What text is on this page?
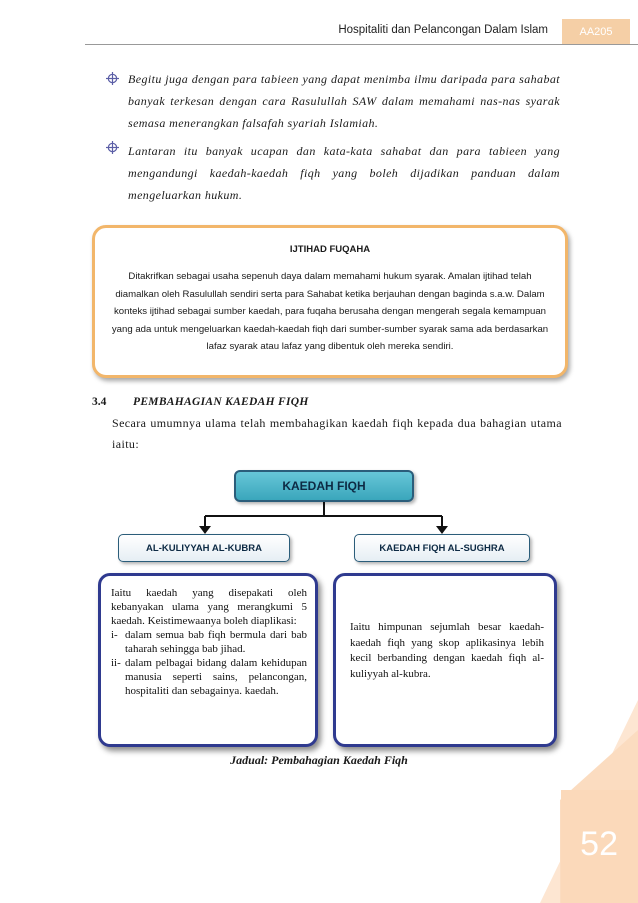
Hospitaliti dan Pelancongan Dalam Islam	AA205
Begitu juga dengan para tabieen yang dapat menimba ilmu daripada para sahabat banyak terkesan dengan cara Rasulullah SAW dalam memahami nas-nas syarak semasa menerangkan falsafah syariah Islamiah.
Lantaran itu banyak ucapan dan kata-kata sahabat dan para tabieen yang mengandungi kaedah-kaedah fiqh yang boleh dijadikan panduan dalam mengeluarkan hukum.
IJTIHAD FUQAHA
Ditakrifkan sebagai usaha sepenuh daya dalam memahami hukum syarak. Amalan ijtihad telah diamalkan oleh Rasulullah sendiri serta para Sahabat ketika berjauhan dengan baginda s.a.w. Dalam konteks ijtihad sebagai sumber kaedah, para fuqaha berusaha dengan mengerah segala kemampuan yang ada untuk mengeluarkan kaedah-kaedah fiqh dari sumber-sumber syarak sama ada berdasarkan lafaz syarak atau lafaz yang dibentuk oleh mereka sendiri.
3.4 PEMBAHAGIAN KAEDAH FIQH
Secara umumnya ulama telah membahagikan kaedah fiqh kepada dua bahagian utama iaitu:
KAEDAH FIQH
AL-KULIYYAH AL-KUBRA	KAEDAH FIQH AL-SUGHRA
Iaitu kaedah yang disepakati oleh kebanyakan ulama yang merangkumi 5 kaedah. Keistimewaanya boleh diaplikasi:
i- dalam semua bab fiqh bermula dari bab taharah sehingga bab jihad.
ii- dalam pelbagai bidang dalam kehidupan manusia seperti sains, pelancongan, hospitaliti dan sebagainya. kaedah.
Iaitu himpunan sejumlah besar kaedah-kaedah fiqh yang skop aplikasinya lebih kecil berbanding dengan kaedah fiqh al-kuliyyah al-kubra.
Jadual: Pembahagian Kaedah Fiqh
52
